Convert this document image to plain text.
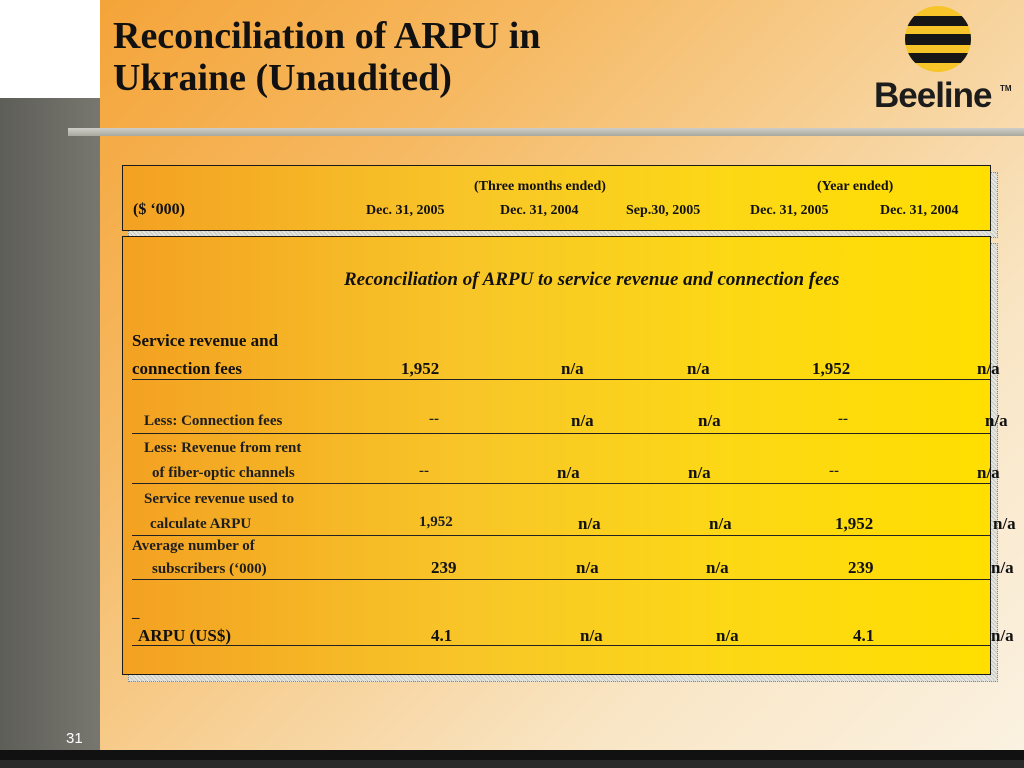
Reconciliation of ARPU in
Ukraine (Unaudited)	Beeline TM
(Three months ended)	(Year ended)
($ ‘000)	Dec. 31, 2005	Dec. 31, 2004	Sep.30, 2005	Dec. 31, 2005	Dec. 31, 2004
Reconciliation of ARPU to service revenue and connection fees
Service revenue and
connection fees	1,952	n/a	n/a	1,952	n/a
Less: Connection fees	--	n/a	n/a	--	n/a
Less: Revenue from rent
of fiber-optic channels	--	n/a	n/a	--	n/a
Service revenue used to
calculate ARPU	1,952	n/a	n/a	1,952	n/a
Average number of
subscribers (‘000)	239	n/a	n/a	239	n/a
_
ARPU (US$)	4.1	n/a	n/a	4.1	n/a
31
